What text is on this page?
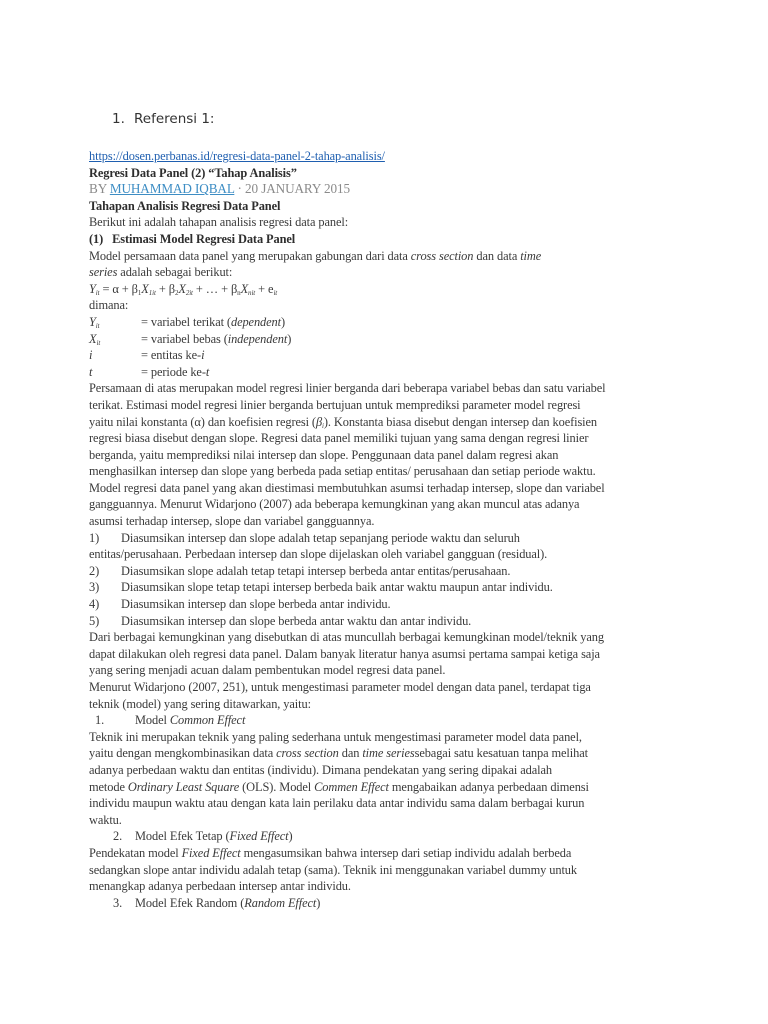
1. Referensi 1:
https://dosen.perbanas.id/regresi-data-panel-2-tahap-analisis/
Regresi Data Panel (2) “Tahap Analisis”
BY MUHAMMAD IQBAL · 20 JANUARY 2015
Tahapan Analisis Regresi Data Panel
Berikut ini adalah tahapan analisis regresi data panel:
(1)   Estimasi Model Regresi Data Panel
Model persamaan data panel yang merupakan gabungan dari data cross section dan data time
series adalah sebagai berikut:
$Y_{it} = \alpha + \beta_1X_{1it} + \beta_2X_{2it}$ + … + $\beta_nX_{nit} + e_{it}$
dimana:
$Y_{it}$	= variabel terikat (dependent)
$X_{it}$	= variabel bebas (independent)
i	= entitas ke-i
t	= periode ke-t
Persamaan di atas merupakan model regresi linier berganda dari beberapa variabel bebas dan satu variabel
terikat. Estimasi model regresi linier berganda bertujuan untuk memprediksi parameter model regresi
yaitu nilai konstanta (α) dan koefisien regresi $(\beta_i)$. Konstanta biasa disebut dengan intersep dan koefisien
regresi biasa disebut dengan slope. Regresi data panel memiliki tujuan yang sama dengan regresi linier
berganda, yaitu memprediksi nilai intersep dan slope. Penggunaan data panel dalam regresi akan
menghasilkan intersep dan slope yang berbeda pada setiap entitas/ perusahaan dan setiap periode waktu.
Model regresi data panel yang akan diestimasi membutuhkan asumsi terhadap intersep, slope dan variabel
gangguannya. Menurut Widarjono (2007) ada beberapa kemungkinan yang akan muncul atas adanya
asumsi terhadap intersep, slope dan variabel gangguannya.
1) Diasumsikan intersep dan slope adalah tetap sepanjang periode waktu dan seluruh
entitas/perusahaan. Perbedaan intersep dan slope dijelaskan oleh variabel gangguan (residual).
2) Diasumsikan slope adalah tetap tetapi intersep berbeda antar entitas/perusahaan.
3) Diasumsikan slope tetap tetapi intersep berbeda baik antar waktu maupun antar individu.
4) Diasumsikan intersep dan slope berbeda antar individu.
5) Diasumsikan intersep dan slope berbeda antar waktu dan antar individu.
Dari berbagai kemungkinan yang disebutkan di atas muncullah berbagai kemungkinan model/teknik yang
dapat dilakukan oleh regresi data panel. Dalam banyak literatur hanya asumsi pertama sampai ketiga saja
yang sering menjadi acuan dalam pembentukan model regresi data panel.
Menurut Widarjono (2007, 251), untuk mengestimasi parameter model dengan data panel, terdapat tiga
teknik (model) yang sering ditawarkan, yaitu:
1. Model Common Effect
Teknik ini merupakan teknik yang paling sederhana untuk mengestimasi parameter model data panel,
yaitu dengan mengkombinasikan data cross section dan time seriessebagai satu kesatuan tanpa melihat
adanya perbedaan waktu dan entitas (individu). Dimana pendekatan yang sering dipakai adalah
metode Ordinary Least Square (OLS). Model Commen Effect mengabaikan adanya perbedaan dimensi
individu maupun waktu atau dengan kata lain perilaku data antar individu sama dalam berbagai kurun
waktu.
2. Model Efek Tetap (Fixed Effect)
Pendekatan model Fixed Effect mengasumsikan bahwa intersep dari setiap individu adalah berbeda
sedangkan slope antar individu adalah tetap (sama). Teknik ini menggunakan variabel dummy untuk
menangkap adanya perbedaan intersep antar individu.
3. Model Efek Random (Random Effect)
